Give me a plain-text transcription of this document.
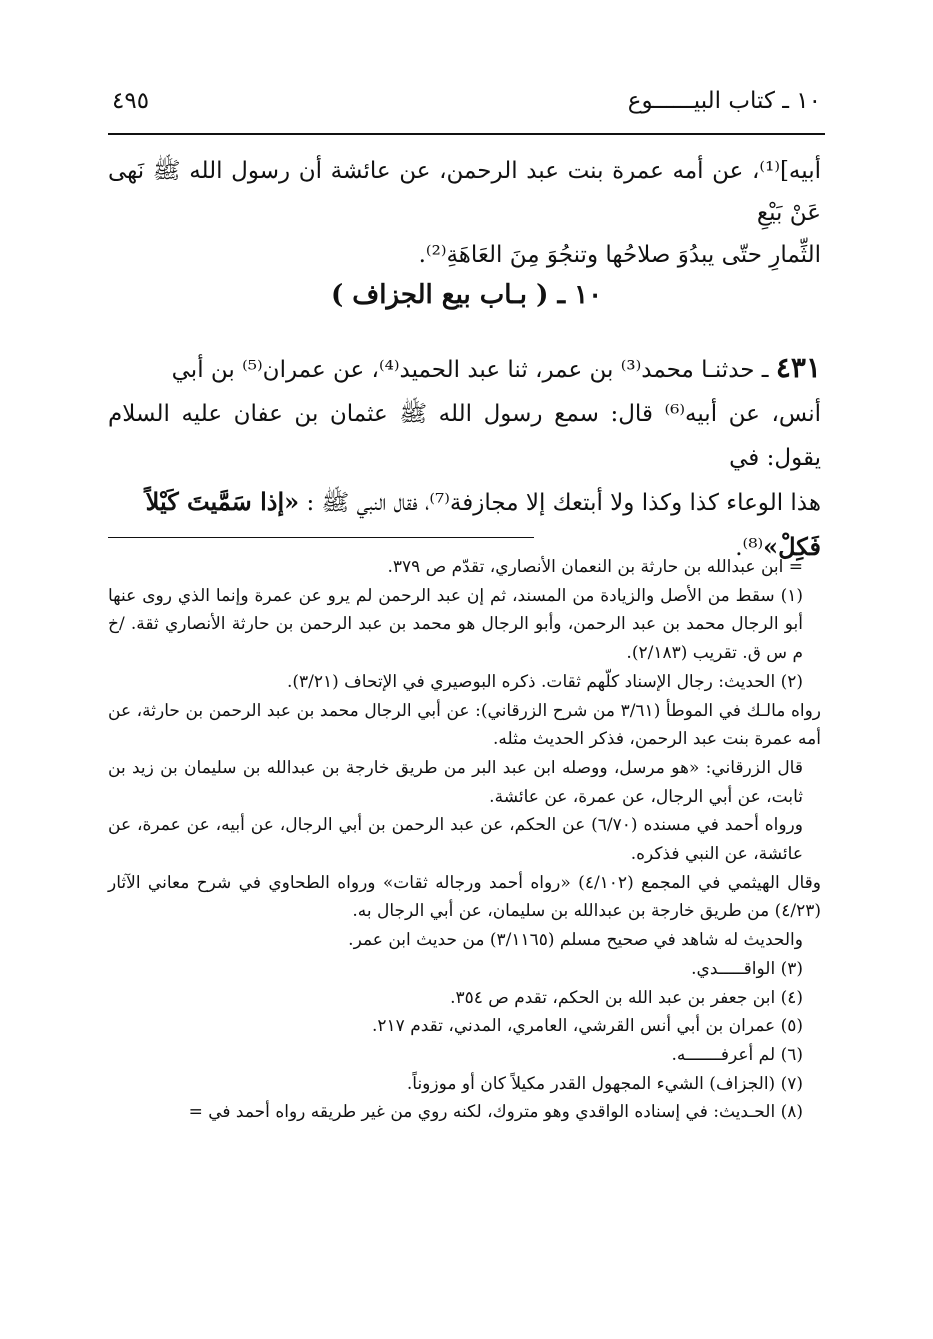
١٠ ـ كتاب البيــــــوع
٤٩٥
أبيه]⁽¹⁾، عن أمه عمرة بنت عبد الرحمن، عن عائشة أن رسول الله ﷺ نَهى عَنْ بَيْعِ
الثِّمارِ حتّى يبدُوَ صلاحُها وتنجُوَ مِنَ العَاهَةِ⁽²⁾.
١٠ ـ ( بـاب بيع الجزاف )
٤٣١ ـ حدثنـا محمد⁽³⁾ بن عمر، ثنا عبد الحميد⁽⁴⁾، عن عمران⁽⁵⁾ بن أبي
أنس، عن أبيه⁽⁶⁾ قال: سمع رسول الله ﷺ عثمان بن عفان عليه السلام يقول: في
هذا الوعاء كذا وكذا ولا أبتعك إلا مجازفة⁽⁷⁾، فقال النبي ﷺ : «إذا سَمَّيتَ كَيْلاً
فَكِلْ»⁽⁸⁾.

= ابن عبدالله بن حارثة بن النعمان الأنصاري، تقدّم ص ٣٧٩.

(١) سقط من الأصل والزيادة من المسند، ثم إن عبد الرحمن لم يرو عن عمرة وإنما الذي روى عنها أبو الرجال محمد بن عبد الرحمن، وأبو الرجال هو محمد بن عبد الرحمن بن حارثة الأنصاري ثقة. /خ م س ق. تقريب (٢/١٨٣).

(٢) الحديث: رجال الإسناد كلّهم ثقات. ذكره البوصيري في الإتحاف (٣/٢١).

رواه مالـك في الموطأ (٣/٦١ من شرح الزرقاني): عن أبي الرجال محمد بن عبد الرحمن بن حارثة، عن أمه عمرة بنت عبد الرحمن، فذكر الحديث مثله.

قال الزرقاني: «هو مرسل، ووصله ابن عبد البر من طريق خارجة بن عبدالله بن سليمان بن زيد بن ثابت، عن أبي الرجال، عن عمرة، عن عائشة.

ورواه أحمد في مسنده (٦/٧٠) عن الحكم، عن عبد الرحمن بن أبي الرجال، عن أبيه، عن عمرة، عن عائشة، عن النبي فذكره.

وقال الهيثمي في المجمع (٤/١٠٢) «رواه أحمد ورجاله ثقات» ورواه الطحاوي في شرح معاني الآثار (٤/٢٣) من طريق خارجة بن عبدالله بن سليمان، عن أبي الرجال به.

والحديث له شاهد في صحيح مسلم (٣/١١٦٥) من حديث ابن عمر.

(٣) الواقـــــدي.

(٤) ابن جعفر بن عبد الله بن الحكم، تقدم ص ٣٥٤.

(٥) عمران بن أبي أنس القرشي، العامري، المدني، تقدم ٢١٧.

(٦) لم أعرفـــــــه.

(٧) (الجزاف) الشيء المجهول القدر مكيلاً كان أو موزوناً.

(٨) الحـديث: في إسناده الواقدي وهو متروك، لكنه روي من غير طريقه رواه أحمد في =
